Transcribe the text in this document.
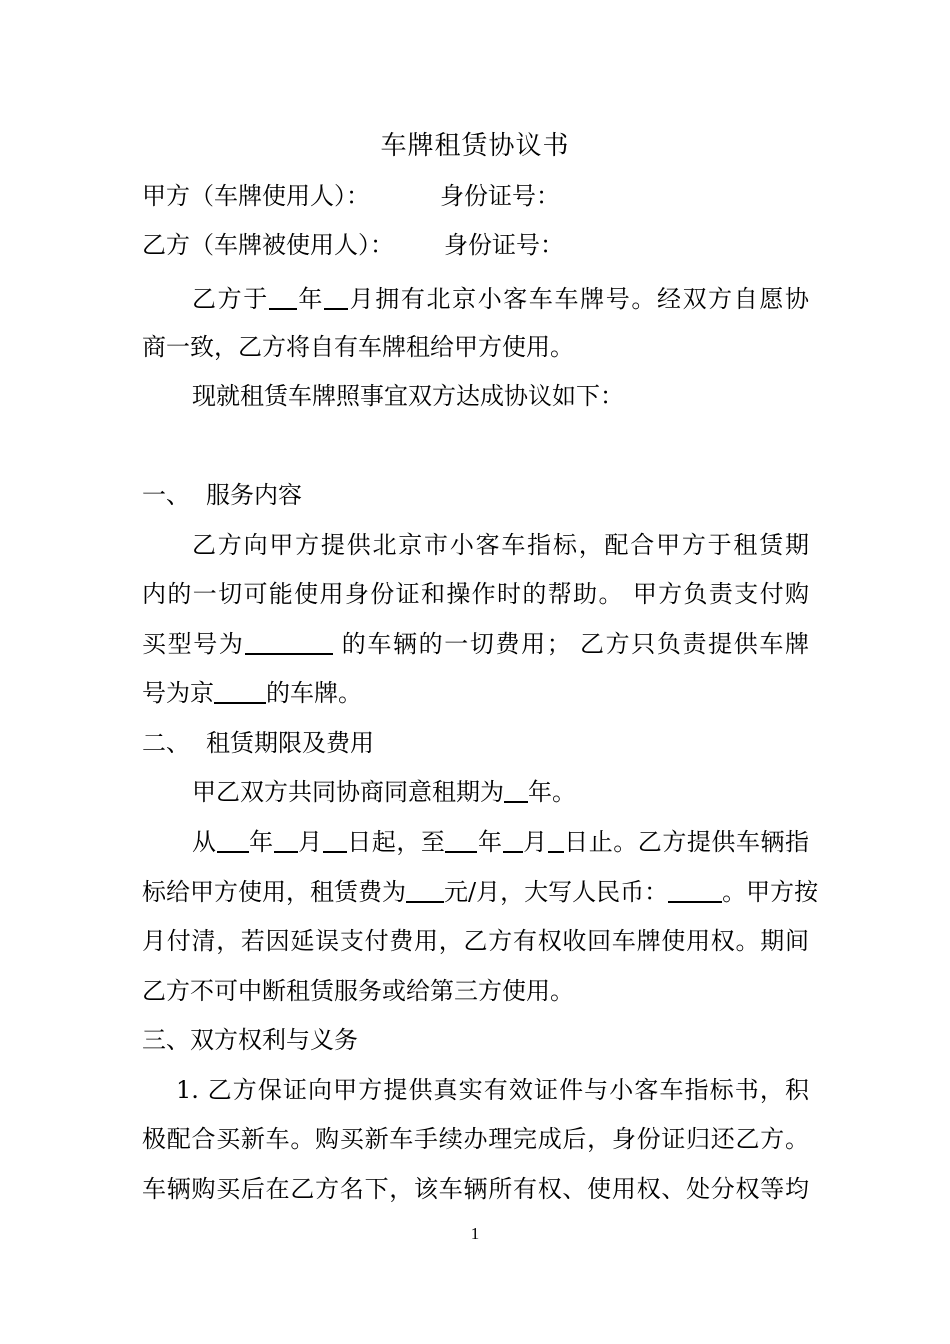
车牌租赁协议书
甲方（车牌使用人）：	身份证号：
乙方（车牌被使用人）： 身份证号：
乙方于 年 月拥有北京小客车车牌号。经双方自愿协
商一致，乙方将自有车牌租给甲方使用。
现就租赁车牌照事宜双方达成协议如下：
一、 服务内容
乙方向甲方提供北京市小客车指标，配合甲方于租赁期
内的一切可能使用身份证和操作时的帮助。 甲方负责支付购
买型号为	的车辆的一切费用； 乙方只负责提供车牌
号为京 的车牌。
二、 租赁期限及费用
甲乙双方共同协商同意租期为 年。
从 年 月 日起，至 年 月 日止。乙方提供车辆指
标给甲方使用，租赁费为 元/月，大写人民币： 。甲方按
月付清，若因延误支付费用，乙方有权收回车牌使用权。期间
乙方不可中断租赁服务或给第三方使用。
三、双方权利与义务
1. 乙方保证向甲方提供真实有效证件与小客车指标书，积
极配合买新车。购买新车手续办理完成后，身份证归还乙方。
车辆购买后在乙方名下，该车辆所有权、使用权、处分权等均
1
